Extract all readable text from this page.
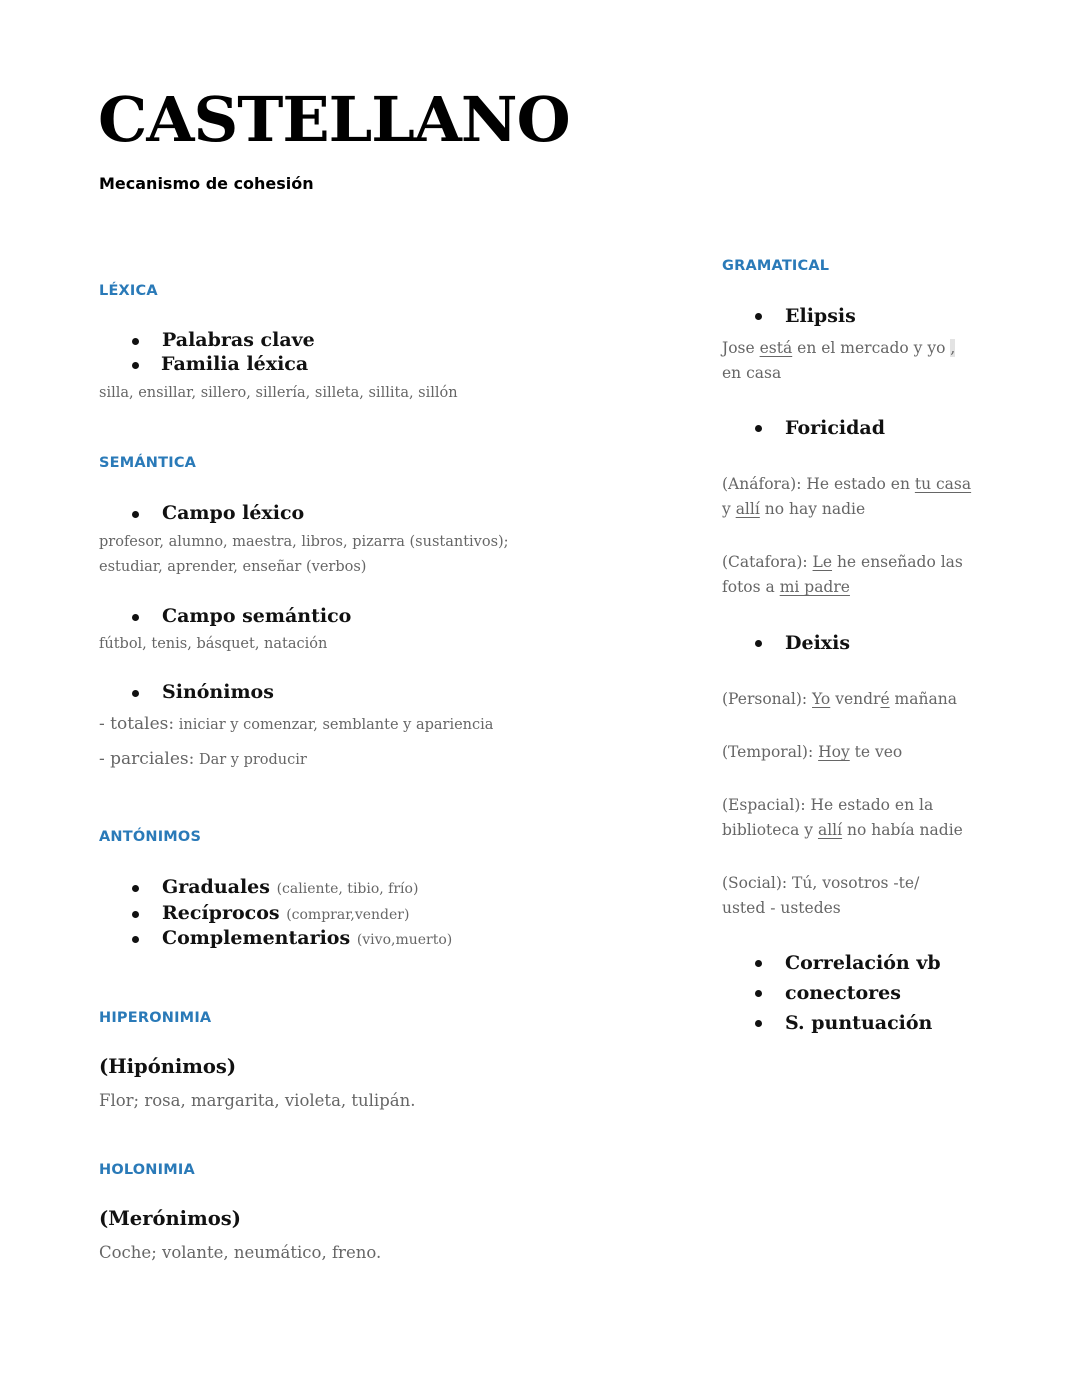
CASTELLANO

Mecanismo de cohesión

LÉXICA

Palabras clave
Familia léxica

silla, ensillar, sillero, sillería, silleta, sillita, sillón

SEMÁNTICA

Campo léxico

profesor, alumno, maestra, libros, pizarra (sustantivos);

estudiar, aprender, enseñar (verbos)

Campo semántico

fútbol, tenis, básquet, natación

Sinónimos

- totales: iniciar y comenzar, semblante y apariencia

- parciales: Dar y producir

ANTÓNIMOS

Graduales (caliente, tibio, frío)
Recíprocos (comprar,vender)
Complementarios (vivo,muerto)

HIPERONIMIA

(Hipónimos)

Flor; rosa, margarita, violeta, tulipán.

HOLONIMIA

(Merónimos)

Coche; volante, neumático, freno.

GRAMATICAL

Elipsis

Jose está en el mercado y yo , en casa

Foricidad

(Anáfora): He estado en tu casa y allí no hay nadie

(Catafora): Le he enseñado las fotos a mi padre

Deixis

(Personal): Yo vendré mañana

(Temporal): Hoy te veo

(Espacial): He estado en la biblioteca y allí no había nadie

(Social): Tú, vosotros -te/ usted - ustedes

Correlación vb
conectores
S. puntuación
